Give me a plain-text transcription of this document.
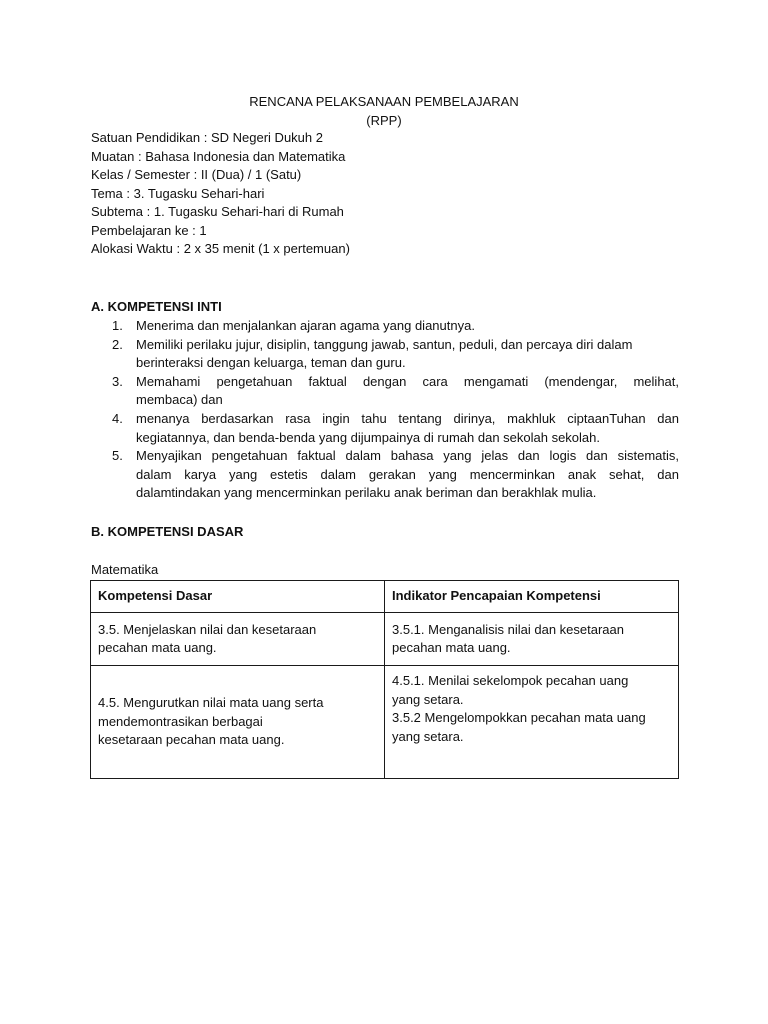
RENCANA PELAKSANAAN PEMBELAJARAN
(RPP)
Satuan Pendidikan : SD Negeri Dukuh 2
Muatan : Bahasa Indonesia dan Matematika
Kelas / Semester : II (Dua) / 1 (Satu)
Tema : 3. Tugasku Sehari-hari
Subtema : 1. Tugasku Sehari-hari di Rumah
Pembelajaran ke : 1
Alokasi Waktu : 2 x 35 menit (1 x pertemuan)
A. KOMPETENSI INTI
1. Menerima dan menjalankan ajaran agama yang dianutnya.
2. Memiliki perilaku jujur, disiplin, tanggung jawab, santun, peduli, dan percaya diri dalam
berinteraksi dengan keluarga, teman dan guru.
3. Memahami pengetahuan faktual dengan cara mengamati (mendengar, melihat,
membaca) dan
4. menanya berdasarkan rasa ingin tahu tentang dirinya, makhluk ciptaanTuhan dan
kegiatannya, dan benda-benda yang dijumpainya di rumah dan sekolah sekolah.
5. Menyajikan pengetahuan faktual dalam bahasa yang jelas dan logis dan sistematis,
dalam karya yang estetis dalam gerakan yang mencerminkan anak sehat, dan
dalamtindakan yang mencerminkan perilaku anak beriman dan berakhlak mulia.
B. KOMPETENSI DASAR
Matematika
Kompetensi Dasar	Indikator Pencapaian Kompetensi

3.5. Menjelaskan nilai dan kesetaraan
pecahan mata uang.	3.5.1. Menganalisis nilai dan kesetaraan
pecahan mata uang.

4.5. Mengurutkan nilai mata uang serta
mendemontrasikan berbagai
kesetaraan pecahan mata uang.	4.5.1. Menilai sekelompok pecahan uang
yang setara.
3.5.2 Mengelompokkan pecahan mata uang
yang setara.
